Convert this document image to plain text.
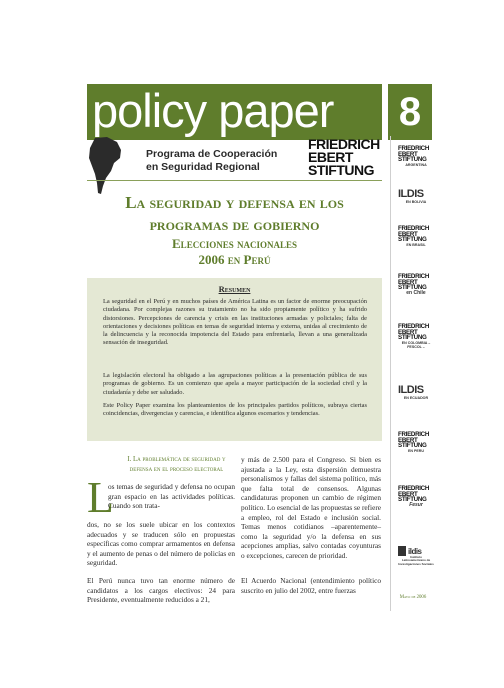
policy paper 8
Programa de Cooperación
en Seguridad Regional
FRIEDRICH
EBERT
STIFTUNG
La seguridad y defensa en los
programas de gobierno
Elecciones nacionales
2006 en Perú
Resumen

La seguridad en el Perú y en muchos países de América Latina es un factor de enorme preocupación ciudadana. Por complejas razones su tratamiento no ha sido propiamente político y ha sufrido distorsiones. Percepciones de carencia y crisis en las instituciones armadas y policiales; falta de orientaciones y decisiones políticas en temas de seguridad interna y externa, unidas al crecimiento de la delincuencia y la reconocida impotencia del Estado para enfrentarla, llevan a una generalizada sensación de inseguridad.

La legislación electoral ha obligado a las agrupaciones políticas a la presentación pública de sus programas de gobierno. Es un comienzo que apela a mayor participación de la sociedad civil y la ciudadanía y debe ser saludado.

Este Policy Paper examina los planteamientos de los principales partidos políticos, subraya ciertas coincidencias, divergencias y carencias, e identifica algunos escenarios y tendencias.

I. La problemática de seguridad y
defensa en el proceso electoral
L

os temas de seguridad y defensa no ocupan gran espacio en las actividades políticas. Cuando son trata-

dos, no se los suele ubicar en los contextos adecuados y se traducen sólo en propuestas específicas como comprar armamentos en defensa y el aumento de penas o del número de policías en seguridad.

El Perú nunca tuvo tan enorme número de candidatos a los cargos electivos: 24 para Presidente, eventualmente reducidos a 21,

y más de 2.500 para el Congreso. Si bien es ajustada a la Ley, esta dispersión demuestra personalismos y fallas del sistema político, más que falta total de consensos. Algunas candidaturas proponen un cambio de régimen político. Lo esencial de las propuestas se refiere a empleo, rol del Estado e inclusión social. Temas menos cotidianos –aparentemente– como la seguridad y/o la defensa en sus acepciones amplias, salvo contadas coyunturas o excepciones, carecen de prioridad.

El Acuerdo Nacional (entendimiento político suscrito en julio del 2002, entre fuerzas

FRIEDRICH
EBERT
STIFTUNG
ARGENTINA
ILDIS
EN BOLIVIA
FRIEDRICH
EBERT
STIFTUNG
EN BRASIL
FRIEDRICH
EBERT
STIFTUNG
en Chile
FRIEDRICH
EBERT
STIFTUNG
EN COLOMBIA – FESCOL –
ILDIS
EN ECUADOR
FRIEDRICH
EBERT
STIFTUNG
EN PERU
FRIEDRICH
EBERT
STIFTUNG
Fesur
ildis
Instituto Latinoamericano de Investigaciones Sociales
Mayo de 2006
